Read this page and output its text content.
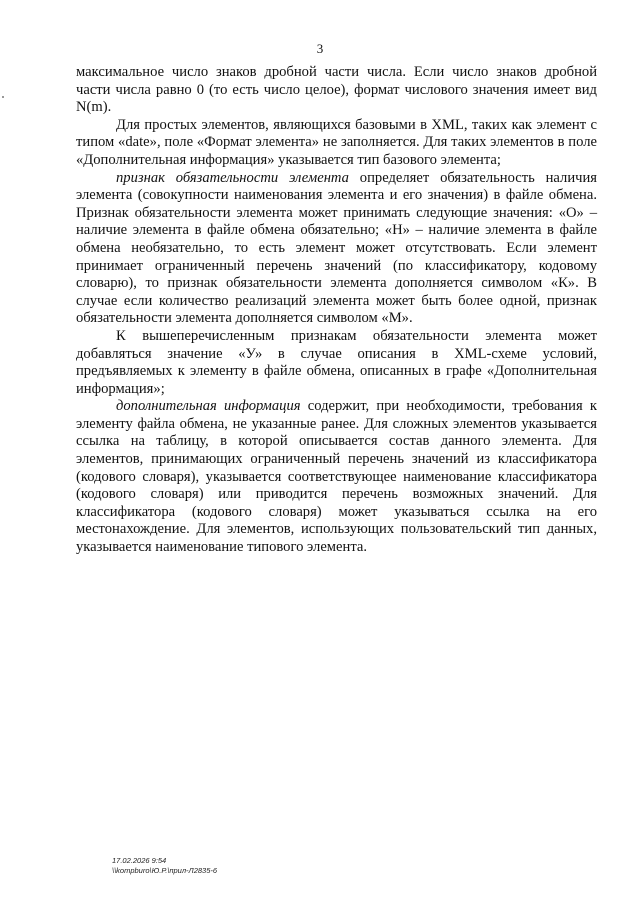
3

максимальное число знаков дробной части числа. Если число знаков дробной части числа равно 0 (то есть число целое), формат числового значения имеет вид N(m).

Для простых элементов, являющихся базовыми в XML, таких как элемент с типом «date», поле «Формат элемента» не заполняется. Для таких элементов в поле «Дополнительная информация» указывается тип базового элемента;

признак обязательности элемента определяет обязательность наличия элемента (совокупности наименования элемента и его значения) в файле обмена. Признак обязательности элемента может принимать следующие значения: «О» – наличие элемента в файле обмена обязательно; «Н» – наличие элемента в файле обмена необязательно, то есть элемент может отсутствовать. Если элемент принимает ограниченный перечень значений (по классификатору, кодовому словарю), то признак обязательности элемента дополняется символом «К». В случае если количество реализаций элемента может быть более одной, признак обязательности элемента дополняется символом «М».

К вышеперечисленным признакам обязательности элемента может добавляться значение «У» в случае описания в XML-схеме условий, предъявляемых к элементу в файле обмена, описанных в графе «Дополнительная информация»;

дополнительная информация содержит, при необходимости, требования к элементу файла обмена, не указанные ранее. Для сложных элементов указывается ссылка на таблицу, в которой описывается состав данного элемента. Для элементов, принимающих ограниченный перечень значений из классификатора (кодового словаря), указывается соответствующее наименование классификатора (кодового словаря) или приводится перечень возможных значений. Для классификатора (кодового словаря) может указываться ссылка на его местонахождение. Для элементов, использующих пользовательский тип данных, указывается наименование типового элемента.

17.02.2026 9:54
\\kompburo\Ю.Р.\прил-Л2835-6
